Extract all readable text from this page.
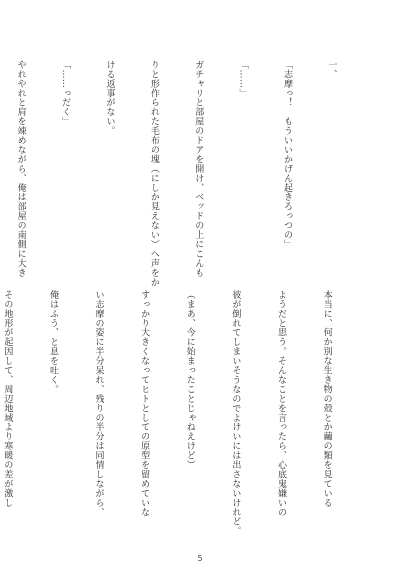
一、

「志摩っ！　もういいかげん起きろっつの」

「……」

ガチャリと部屋のドアを開け、ベッドの上にこんも

りと形作られた毛布の塊（にしか見えない）へ声をか

ける返事がない。

「……っだく」

やれやれと肩を竦めながら、俺は部屋の南側に大き

本当に、何か別な生き物の殻とか繭の類を見ている

ようだと思う。そんなことを言ったら、心底鬼嫌いの

彼が倒れてしまいそうなのでよけいには出さないけれど。

（まあ、今に始まったことじゃねえけど）

すっかり大きくなってヒトとしての原型を留めていな

い志摩の姿に半分呆れ、残りの半分は同情しながら、

俺はふう、と息を吐く。

その地形が起因して、周辺地域より寒暖の差が激し

5
